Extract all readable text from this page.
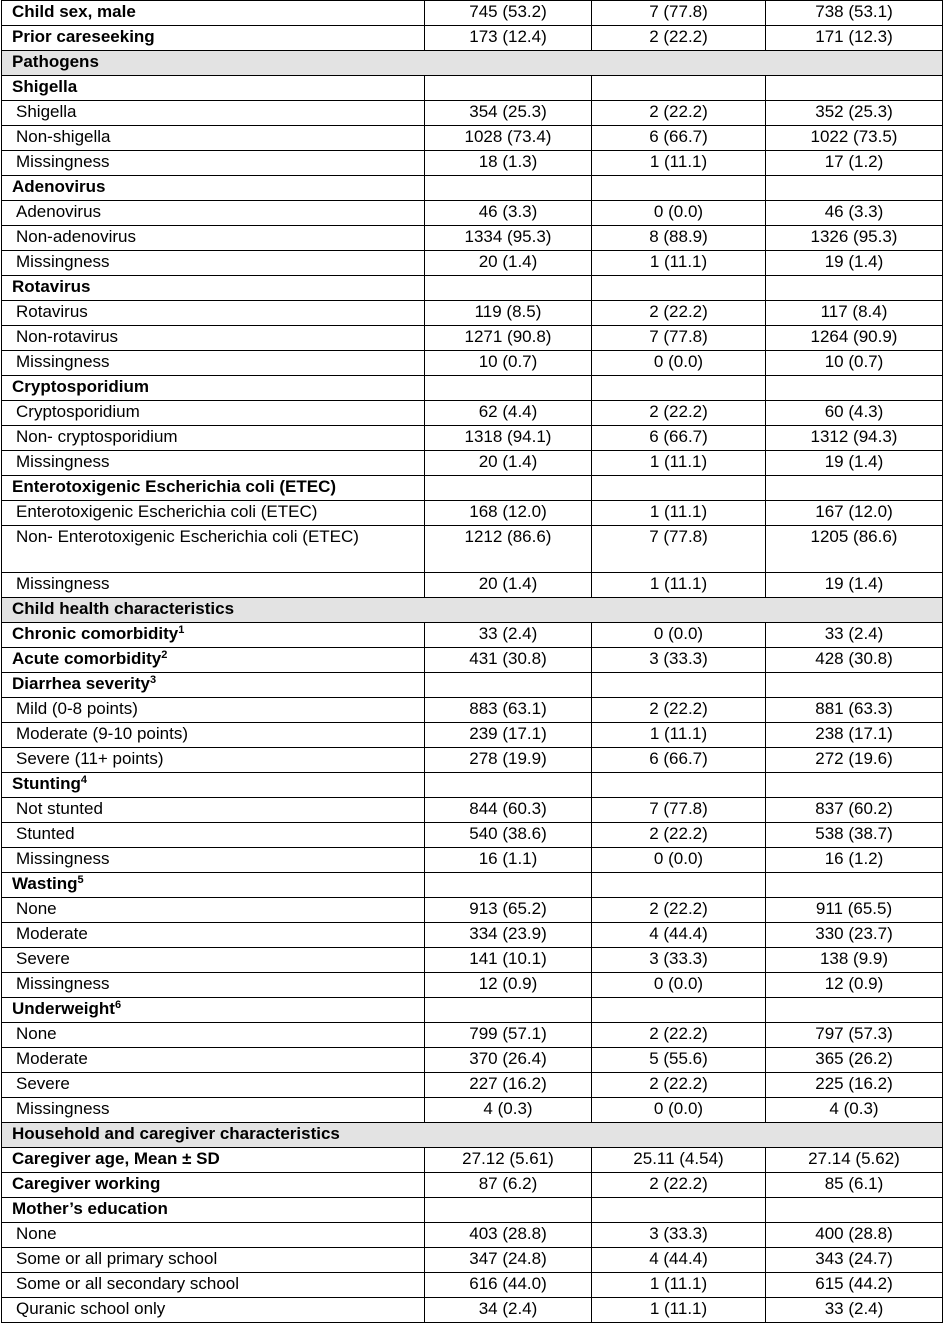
Child sex, male	745 (53.2)	7 (77.8)	738 (53.1)
Prior careseeking	173 (12.4)	2 (22.2)	171 (12.3)
Pathogens			
Shigella			
Shigella	354 (25.3)	2 (22.2)	352 (25.3)
Non-shigella	1028 (73.4)	6 (66.7)	1022 (73.5)
Missingness	18 (1.3)	1 (11.1)	17 (1.2)
Adenovirus			
Adenovirus	46 (3.3)	0 (0.0)	46 (3.3)
Non-adenovirus	1334 (95.3)	8 (88.9)	1326 (95.3)
Missingness	20 (1.4)	1 (11.1)	19 (1.4)
Rotavirus			
Rotavirus	119 (8.5)	2 (22.2)	117 (8.4)
Non-rotavirus	1271 (90.8)	7 (77.8)	1264 (90.9)
Missingness	10 (0.7)	0 (0.0)	10 (0.7)
Cryptosporidium			
Cryptosporidium	62 (4.4)	2 (22.2)	60 (4.3)
Non- cryptosporidium	1318 (94.1)	6 (66.7)	1312 (94.3)
Missingness	20 (1.4)	1 (11.1)	19 (1.4)
Enterotoxigenic Escherichia coli (ETEC)			
Enterotoxigenic Escherichia coli (ETEC)	168 (12.0)	1 (11.1)	167 (12.0)
Non- Enterotoxigenic Escherichia coli (ETEC)	1212 (86.6)	7 (77.8)	1205 (86.6)
Missingness	20 (1.4)	1 (11.1)	19 (1.4)
Child health characteristics			
Chronic comorbidity$^1$	33 (2.4)	0 (0.0)	33 (2.4)
Acute comorbidity$^2$	431 (30.8)	3 (33.3)	428 (30.8)
Diarrhea severity$^3$			
Mild (0-8 points)	883 (63.1)	2 (22.2)	881 (63.3)
Moderate (9-10 points)	239 (17.1)	1 (11.1)	238 (17.1)
Severe (11+ points)	278 (19.9)	6 (66.7)	272 (19.6)
Stunting$^4$			
Not stunted	844 (60.3)	7 (77.8)	837 (60.2)
Stunted	540 (38.6)	2 (22.2)	538 (38.7)
Missingness	16 (1.1)	0 (0.0)	16 (1.2)
Wasting$^5$			
None	913 (65.2)	2 (22.2)	911 (65.5)
Moderate	334 (23.9)	4 (44.4)	330 (23.7)
Severe	141 (10.1)	3 (33.3)	138 (9.9)
Missingness	12 (0.9)	0 (0.0)	12 (0.9)
Underweight$^6$			
None	799 (57.1)	2 (22.2)	797 (57.3)
Moderate	370 (26.4)	5 (55.6)	365 (26.2)
Severe	227 (16.2)	2 (22.2)	225 (16.2)
Missingness	4 (0.3)	0 (0.0)	4 (0.3)
Household and caregiver characteristics			
Caregiver age, Mean ± SD	27.12 (5.61)	25.11 (4.54)	27.14 (5.62)
Caregiver working	87 (6.2)	2 (22.2)	85 (6.1)
Mother’s education			
None	403 (28.8)	3 (33.3)	400 (28.8)
Some or all primary school	347 (24.8)	4 (44.4)	343 (24.7)
Some or all secondary school	616 (44.0)	1 (11.1)	615 (44.2)
Quranic school only	34 (2.4)	1 (11.1)	33 (2.4)
